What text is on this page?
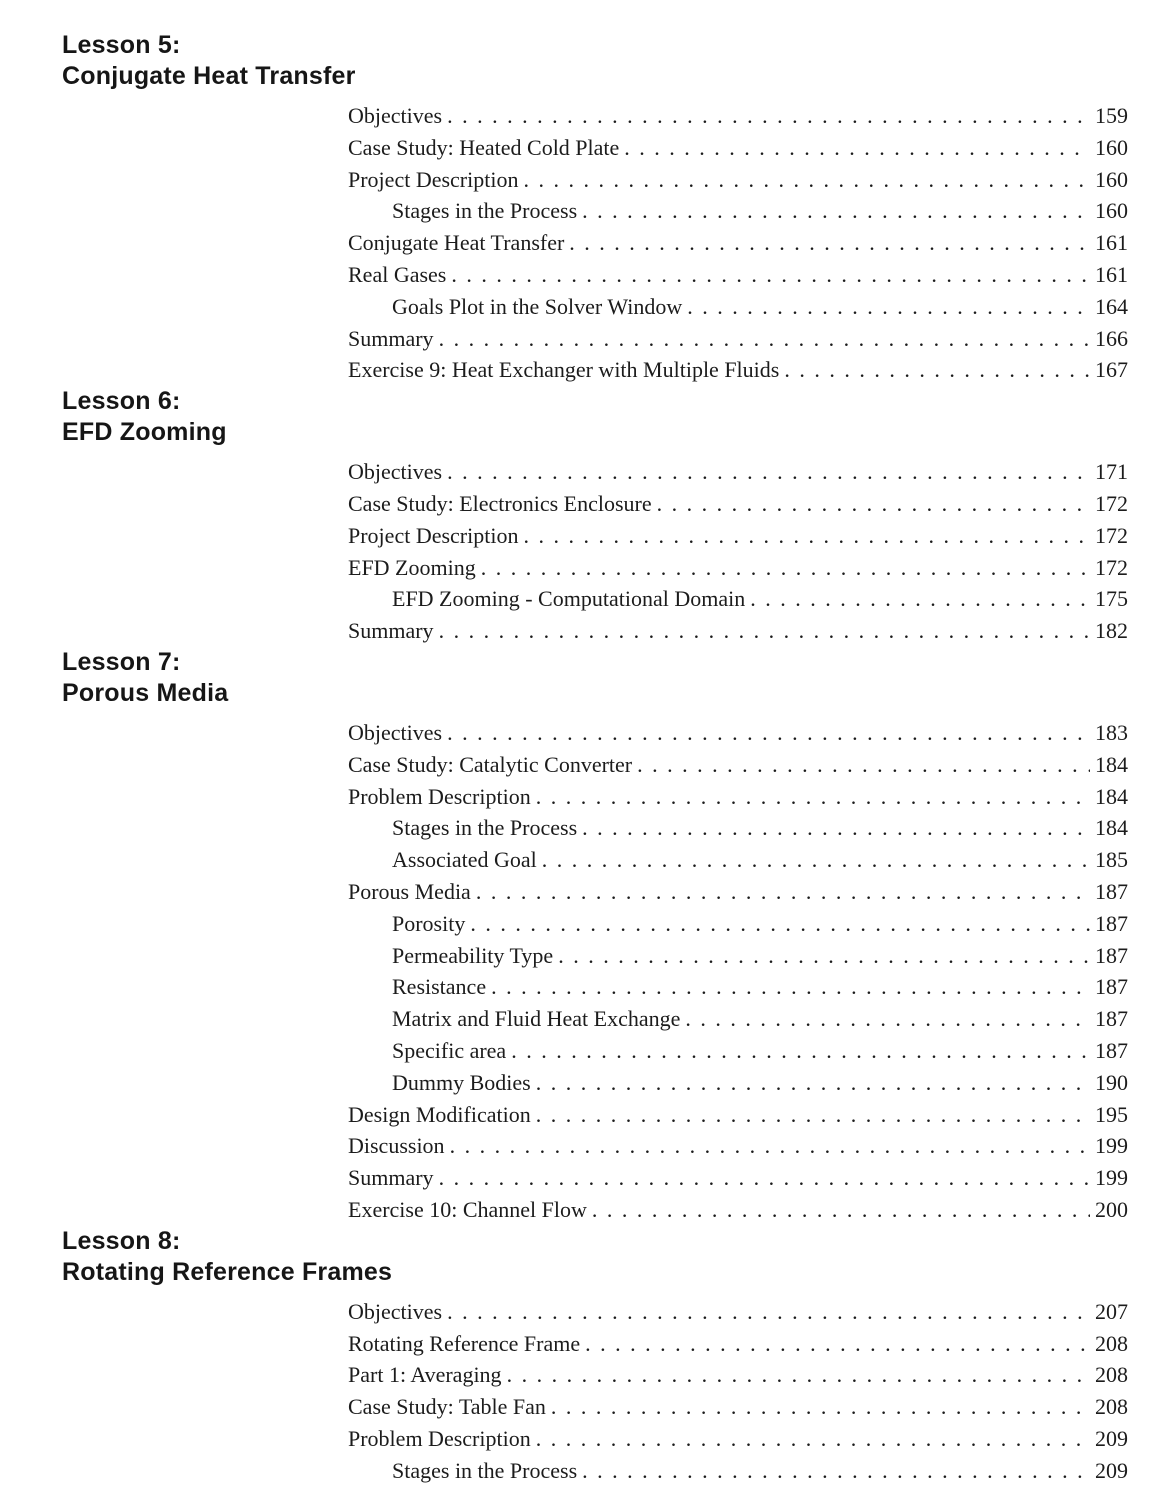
Lesson 5:
Conjugate Heat Transfer
Objectives . . .	159
Case Study: Heated Cold Plate . . .	160
Project Description . . .	160
Stages in the Process . . .	160
Conjugate Heat Transfer . . .	161
Real Gases . . .	161
Goals Plot in the Solver Window . . .	164
Summary . . .	166
Exercise 9: Heat Exchanger with Multiple Fluids . . .	167
Lesson 6:
EFD Zooming
Objectives . . .	171
Case Study: Electronics Enclosure . . .	172
Project Description . . .	172
EFD Zooming . . .	172
EFD Zooming - Computational Domain . . .	175
Summary . . .	182
Lesson 7:
Porous Media
Objectives . . .	183
Case Study: Catalytic Converter . . .	184
Problem Description . . .	184
Stages in the Process . . .	184
Associated Goal . . .	185
Porous Media . . .	187
Porosity . . .	187
Permeability Type . . .	187
Resistance . . .	187
Matrix and Fluid Heat Exchange . . .	187
Specific area . . .	187
Dummy Bodies . . .	190
Design Modification . . .	195
Discussion . . .	199
Summary . . .	199
Exercise 10: Channel Flow . . .	200
Lesson 8:
Rotating Reference Frames
Objectives . . .	207
Rotating Reference Frame . . .	208
Part 1: Averaging . . .	208
Case Study: Table Fan . . .	208
Problem Description . . .	209
Stages in the Process . . .	209
